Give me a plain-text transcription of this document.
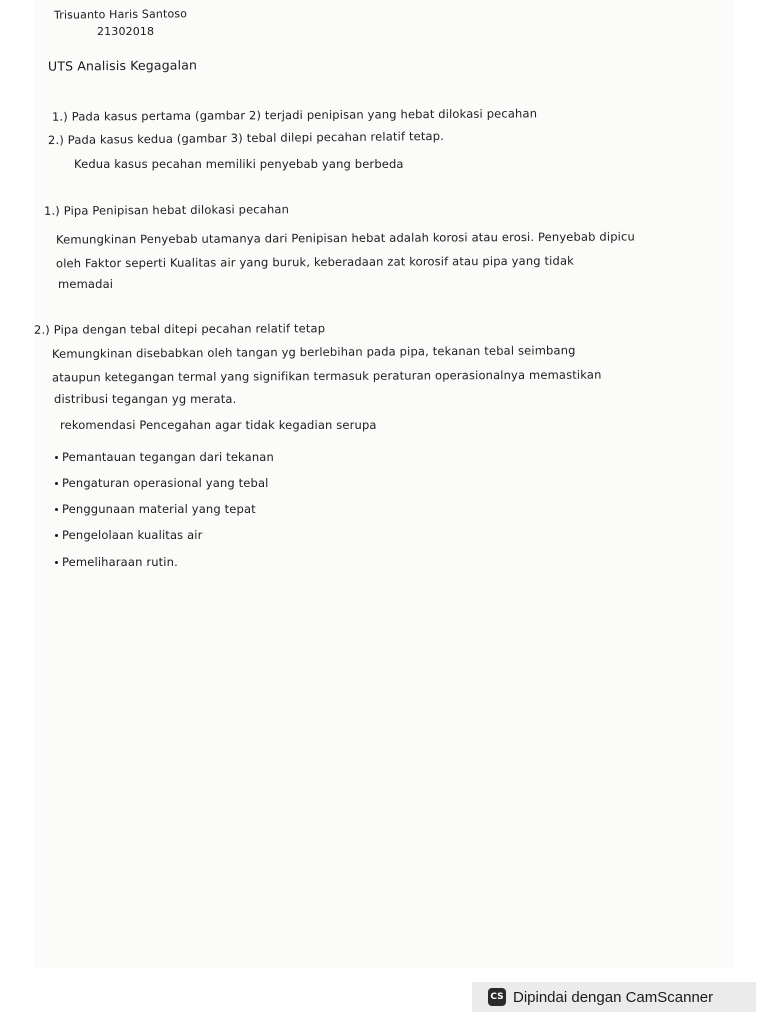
Trisuanto Haris Santoso
21302018
UTS Analisis Kegagalan
1.) Pada kasus pertama (gambar 2) terjadi penipisan yang hebat dilokasi pecahan
2.) Pada kasus kedua (gambar 3) tebal dilepi pecahan relatif tetap.
Kedua kasus pecahan memiliki penyebab yang berbeda
1.) Pipa Penipisan hebat dilokasi pecahan
Kemungkinan Penyebab utamanya dari Penipisan hebat adalah korosi atau erosi. Penyebab dipicu
oleh Faktor seperti Kualitas air yang buruk, keberadaan zat korosif atau pipa yang tidak
memadai
2.) Pipa dengan tebal ditepi pecahan relatif tetap
Kemungkinan disebabkan oleh tangan yg berlebihan pada pipa, tekanan tebal seimbang
ataupun ketegangan termal yang signifikan termasuk peraturan operasionalnya memastikan
distribusi tegangan yg merata.
rekomendasi Pencegahan agar tidak kegadian serupa
Pemantauan tegangan dari tekanan
Pengaturan operasional yang tebal
Penggunaan material yang tepat
Pengelolaan kualitas air
Pemeliharaan rutin.
CS Dipindai dengan CamScanner
